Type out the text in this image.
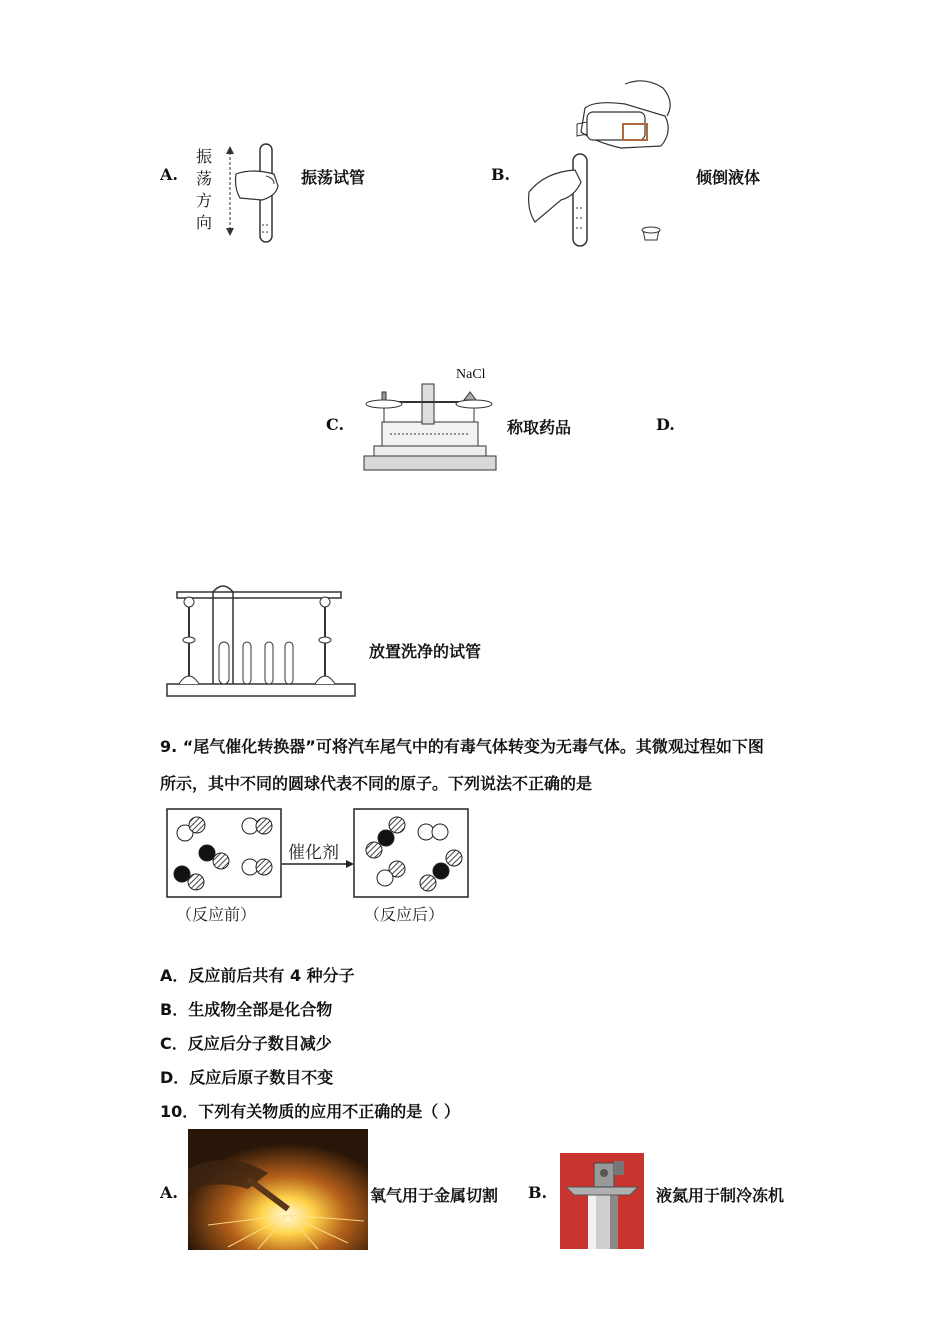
A.
振
荡
方
向
振荡试管	B.	倾倒液体
C.
NaCl
称取药品	D.
放置洗净的试管
9. “尾气催化转换器”可将汽车尾气中的有毒气体转变为无毒气体。其微观过程如下图
所示，其中不同的圆球代表不同的原子。下列说法不正确的是
催化剂
（反应前）	（反应后）
A．反应前后共有 4 种分子
B．生成物全部是化合物
C．反应后分子数目减少
D．反应后原子数目不变
10．下列有关物质的应用不正确的是（ ）
A.	氧气用于金属切割 B.	液氮用于制冷冻机
